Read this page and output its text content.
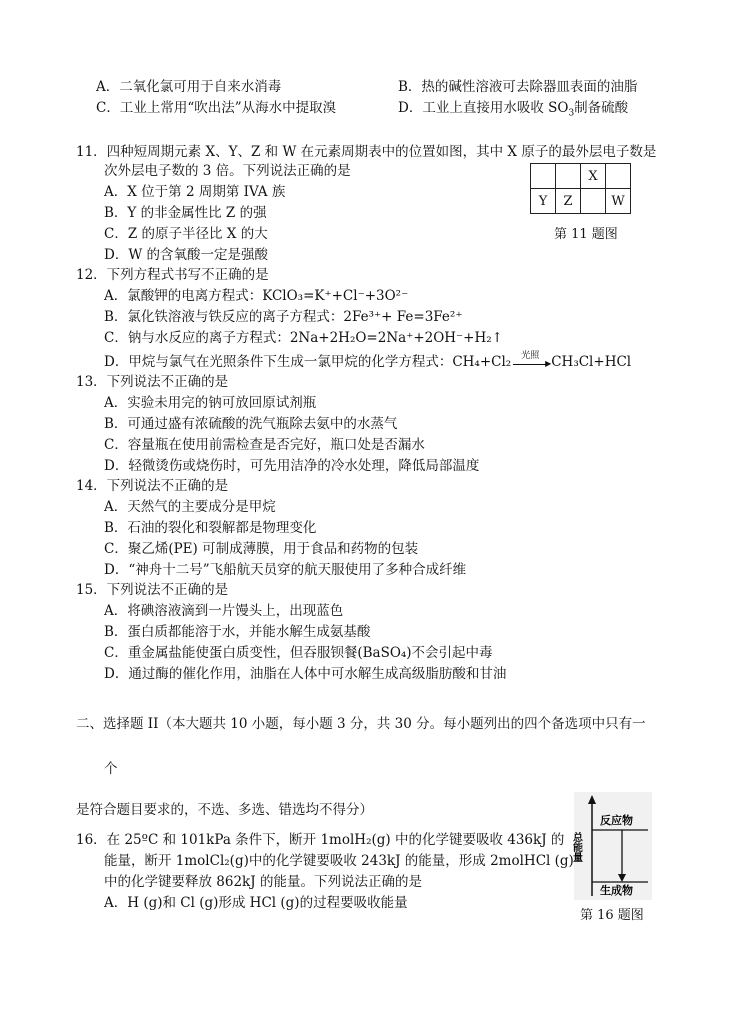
A．二氧化氯可用于自来水消毒	B．热的碱性溶液可去除器皿表面的油脂
C．工业上常用“吹出法”从海水中提取溴	D．工业上直接用水吸收 $SO_3$制备硫酸
11．四种短周期元素 X、Y、Z 和 W 在元素周期表中的位置如图，其中 X 原子的最外层电子数是
次外层电子数的 3 倍。下列说法正确的是
A．X 位于第 2 周期第 IVA 族
B．Y 的非金属性比 Z 的强
C．Z 的原子半径比 X 的大
D．W 的含氧酸一定是强酸
		X	
Y	Z		W
第 11 题图
12．下列方程式书写不正确的是
A．氯酸钾的电离方程式：KClO₃=K⁺+Cl⁻+3O²⁻
B．氯化铁溶液与铁反应的离子方程式：2Fe³⁺+ Fe=3Fe²⁺
C．钠与水反应的离子方程式：2Na+2H₂O=2Na⁺+2OH⁻+H₂↑
D．甲烷与氯气在光照条件下生成一氯甲烷的化学方程式：CH₄+Cl₂ 光照
▶ CH₃Cl+HCl
13．下列说法不正确的是
A．实验未用完的钠可放回原试剂瓶
B．可通过盛有浓硫酸的洗气瓶除去氨中的水蒸气
C．容量瓶在使用前需检查是否完好，瓶口处是否漏水
D．轻微烫伤或烧伤时，可先用洁净的冷水处理，降低局部温度
14．下列说法不正确的是
A．天然气的主要成分是甲烷
B．石油的裂化和裂解都是物理变化
C．聚乙烯(PE) 可制成薄膜，用于食品和药物的包装
D．“神舟十二号”飞船航天员穿的航天服使用了多种合成纤维
15．下列说法不正确的是
A．将碘溶液滴到一片馒头上，出现蓝色
B．蛋白质都能溶于水，并能水解生成氨基酸
C．重金属盐能使蛋白质变性，但吞服钡餐(BaSO₄)不会引起中毒
D．通过酶的催化作用，油脂在人体中可水解生成高级脂肪酸和甘油
二、选择题 II（本大题共 10 小题，每小题 3 分，共 30 分。每小题列出的四个备选项中只有一
个
是符合题目要求的，不选、多选、错选均不得分）
16．在 25ºC 和 101kPa 条件下，断开 1molH₂(g) 中的化学键要吸收 436kJ 的
能量，断开 1molCl₂(g)中的化学键要吸收 243kJ 的能量，形成 2molHCl (g)
中的化学键要释放 862kJ 的能量。下列说法正确的是
A．H (g)和 Cl (g)形成 HCl (g)的过程要吸收能量
总能量
反应物
生成物
第 16 题图
